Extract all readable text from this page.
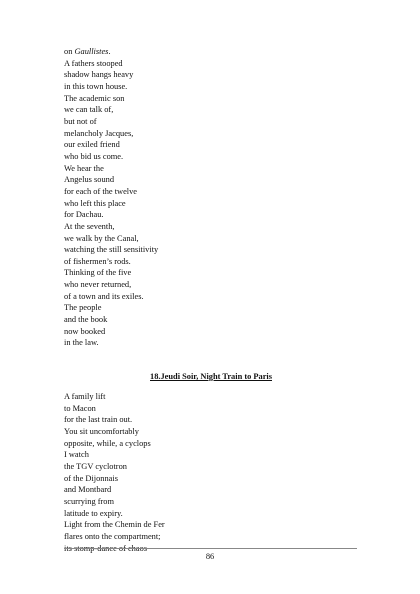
on Gaullistes.
A fathers stooped
shadow hangs heavy
in this town house.
The academic son
we can talk of,
but not of
melancholy Jacques,
our exiled friend
who bid us come.
We hear the
Angelus sound
for each of the twelve
who left this place
for Dachau.
At the seventh,
we walk by the Canal,
watching the still sensitivity
of fishermen’s rods.
Thinking of the five
who never returned,
of a town and its exiles.
The people
and the book
now booked
in the law.
18.Jeudi Soir, Night Train to Paris
A family lift
to Macon
for the last train out.
You sit uncomfortably
opposite, while, a cyclops
I watch
the TGV cyclotron
of the Dijonnais
and Montbard
scurrying from
latitude to expiry.
Light from the Chemin de Fer
flares onto the compartment;
its stomp-dance of chaos
86
